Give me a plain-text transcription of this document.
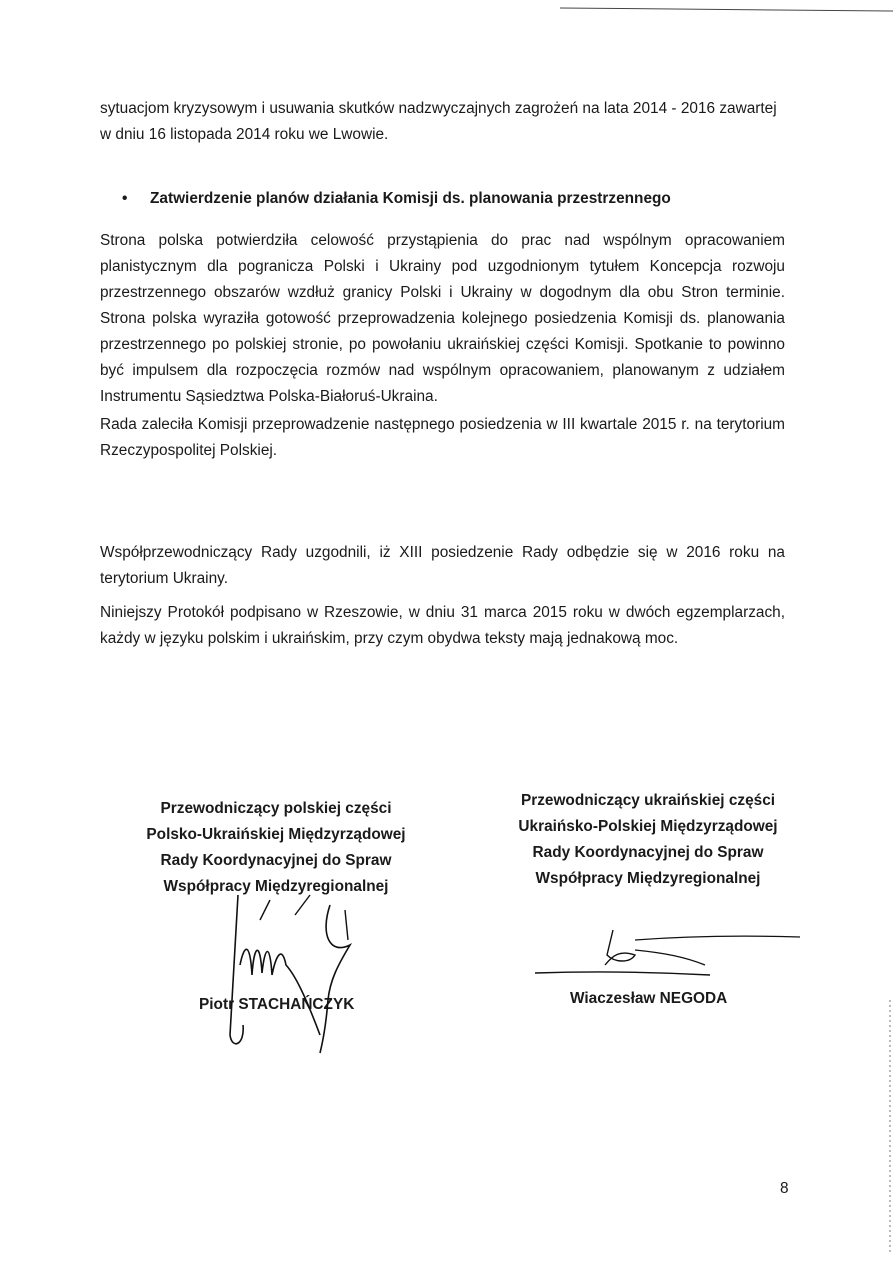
sytuacjom kryzysowym i usuwania skutków nadzwyczajnych zagrożeń na lata 2014 - 2016 zawartej w dniu 16 listopada 2014 roku we Lwowie.

• Zatwierdzenie planów działania Komisji ds. planowania przestrzennego

Strona polska potwierdziła celowość przystąpienia do prac nad wspólnym opracowaniem planistycznym dla pogranicza Polski i Ukrainy pod uzgodnionym tytułem Koncepcja rozwoju przestrzennego obszarów wzdłuż granicy Polski i Ukrainy w dogodnym dla obu Stron terminie. Strona polska wyraziła gotowość przeprowadzenia kolejnego posiedzenia Komisji ds. planowania przestrzennego po polskiej stronie, po powołaniu ukraińskiej części Komisji. Spotkanie to powinno być impulsem dla rozpoczęcia rozmów nad wspólnym opracowaniem, planowanym z udziałem Instrumentu Sąsiedztwa Polska-Białoruś-Ukraina.

Rada zaleciła Komisji przeprowadzenie następnego posiedzenia w III kwartale 2015 r. na terytorium Rzeczypospolitej Polskiej.

Współprzewodniczący Rady uzgodnili, iż XIII posiedzenie Rady odbędzie się w 2016 roku na terytorium Ukrainy.

Niniejszy Protokół podpisano w Rzeszowie, w dniu 31 marca 2015 roku w dwóch egzemplarzach, każdy w języku polskim i ukraińskim, przy czym obydwa teksty mają jednakową moc.

Przewodniczący polskiej części
Polsko-Ukraińskiej Międzyrządowej
Rady Koordynacyjnej do Spraw
Współpracy Międzyregionalnej
Piotr STACHAŃCZYK
Przewodniczący ukraińskiej części
Ukraińsko-Polskiej Międzyrządowej
Rady Koordynacyjnej do Spraw
Współpracy Międzyregionalnej
Wiaczesław NEGODA
8
